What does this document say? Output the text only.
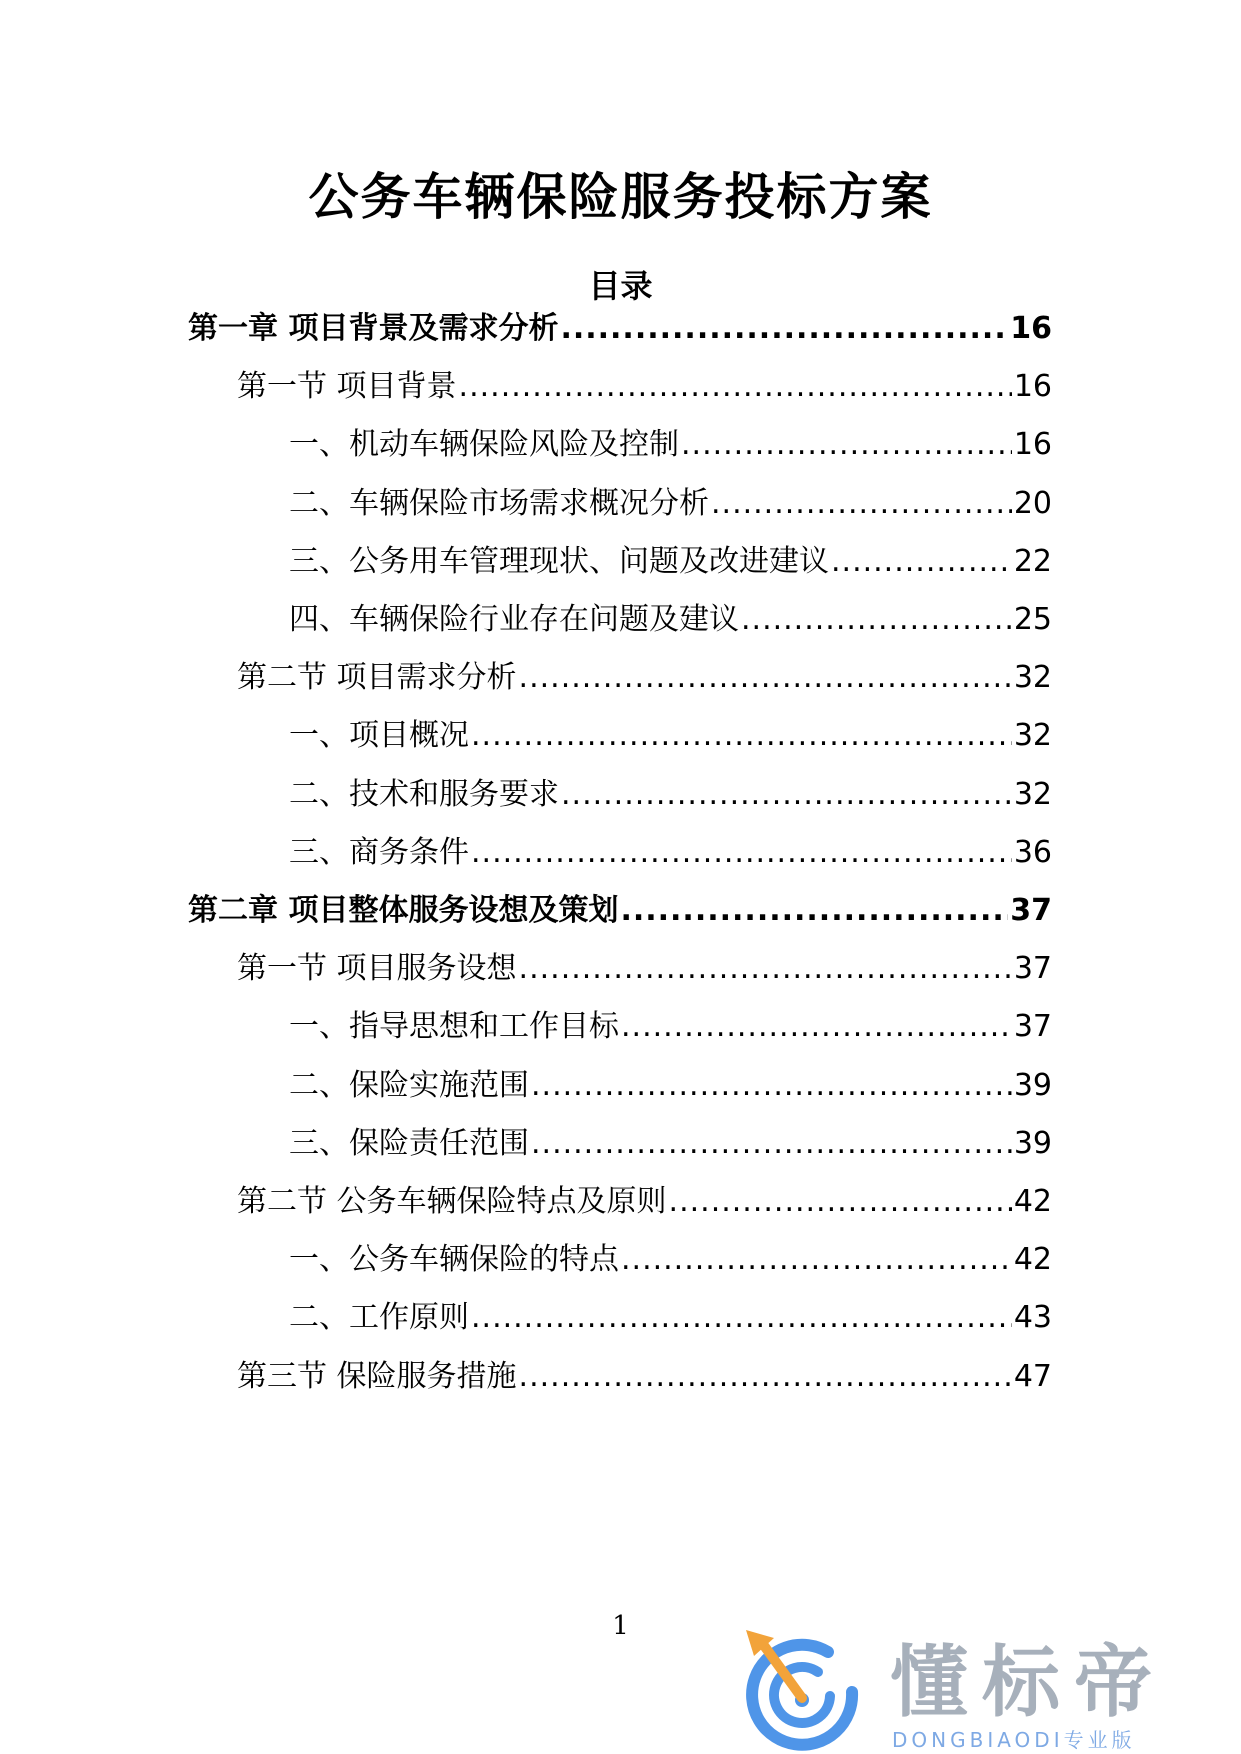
公务车辆保险服务投标方案
目录
第一章 项目背景及需求分析 .....	16
第一节 项目背景 .....	16
一、机动车辆保险风险及控制 .....	16
二、车辆保险市场需求概况分析 .....	20
三、公务用车管理现状、问题及改进建议 .....	22
四、车辆保险行业存在问题及建议 .....	25
第二节 项目需求分析 .....	32
一、项目概况 .....	32
二、技术和服务要求 .....	32
三、商务条件 .....	36
第二章 项目整体服务设想及策划 .....	37
第一节 项目服务设想 .....	37
一、指导思想和工作目标 .....	37
二、保险实施范围 .....	39
三、保险责任范围 .....	39
第二节 公务车辆保险特点及原则 .....	42
一、公务车辆保险的特点 .....	42
二、工作原则 .....	43
第三节 保险服务措施 .....	47
1
懂标帝
DONGBIAODI专业版
